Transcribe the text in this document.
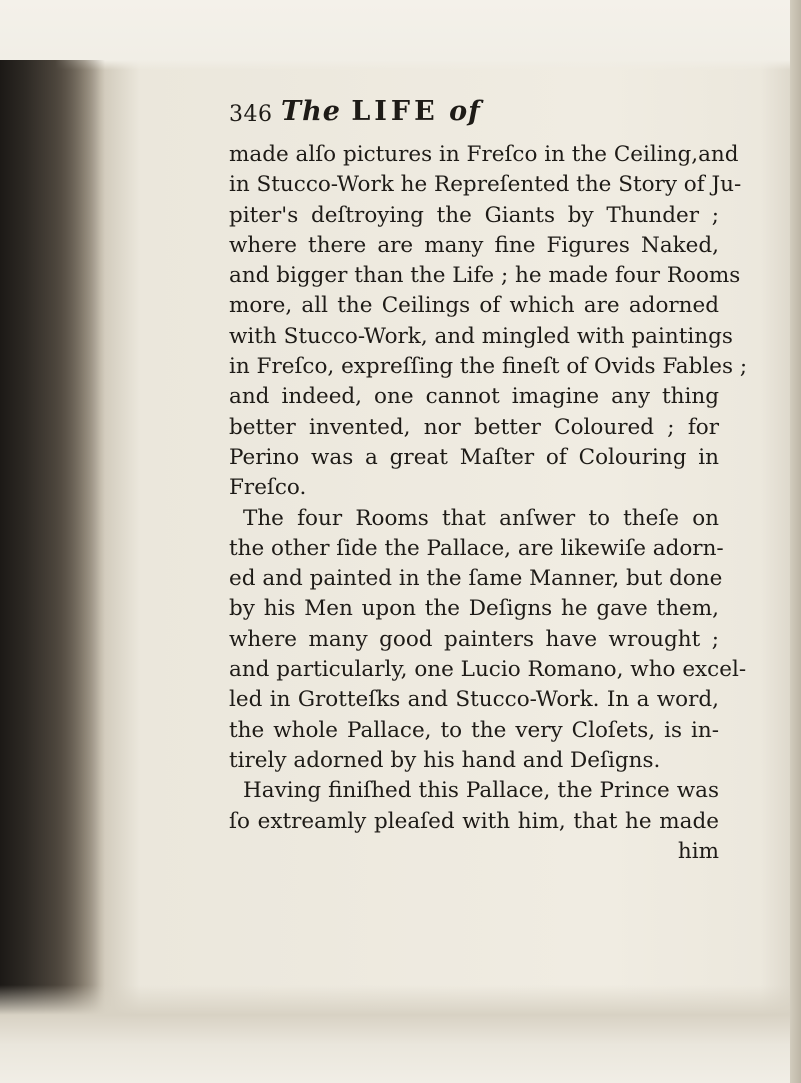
346 The LIFE of
made alſo pictures in Freſco in the Ceiling,and
in Stucco-Work he Repreſented the Story of Ju-
piter's deſtroying the Giants by Thunder ;
where there are many fine Figures Naked,
and bigger than the Life ; he made four Rooms
more, all the Ceilings of which are adorned
with Stucco-Work, and mingled with paintings
in Freſco, expreſſing the fineſt of Ovids Fables ;
and indeed, one cannot imagine any thing
better invented, nor better Coloured ; for
Perino was a great Maſter of Colouring in
Freſco.
The four Rooms that anſwer to theſe on
the other ſide the Pallace, are likewiſe adorn-
ed and painted in the ſame Manner, but done
by his Men upon the Deſigns he gave them,
where many good painters have wrought ;
and particularly, one Lucio Romano, who excel-
led in Grotteſks and Stucco-Work. In a word,
the whole Pallace, to the very Cloſets, is in-
tirely adorned by his hand and Deſigns.
Having finiſhed this Pallace, the Prince was
ſo extreamly pleaſed with him, that he made
him
